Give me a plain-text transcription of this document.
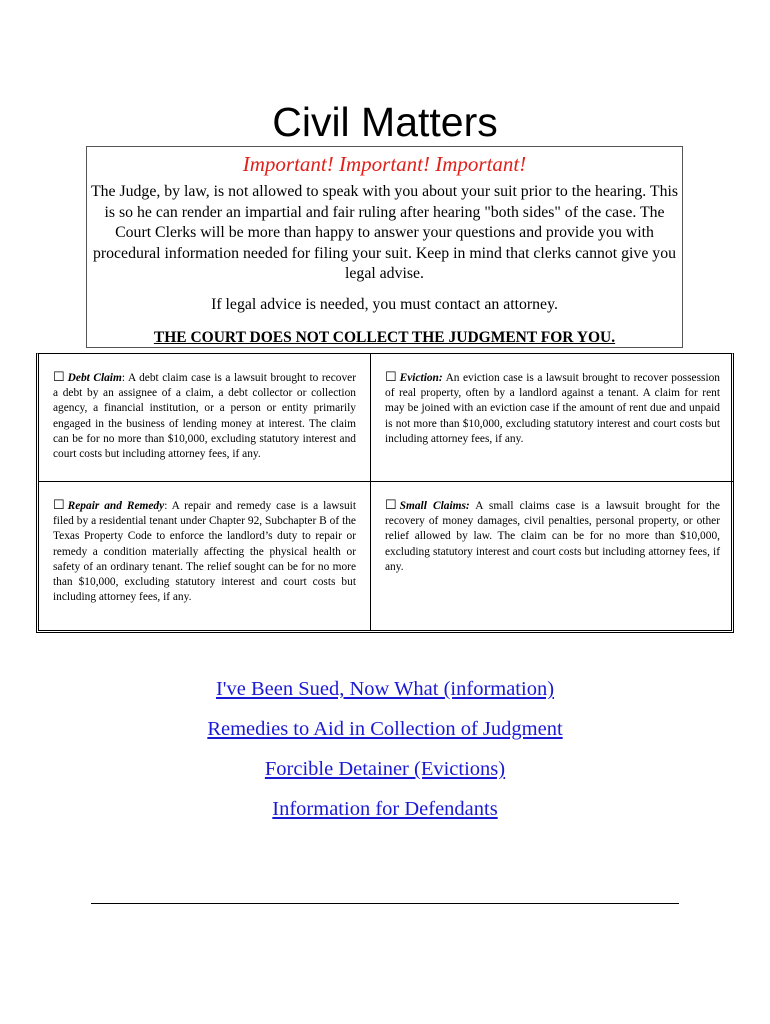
Civil Matters
Important! Important! Important!
The Judge, by law, is not allowed to speak with you about your suit prior to the hearing. This is so he can render an impartial and fair ruling after hearing "both sides" of the case. The Court Clerks will be more than happy to answer your questions and provide you with procedural information needed for filing your suit. Keep in mind that clerks cannot give you legal advise.
If legal advice is needed, you must contact an attorney.
THE COURT DOES NOT COLLECT THE JUDGMENT FOR YOU.
☐ Debt Claim: A debt claim case is a lawsuit brought to recover a debt by an assignee of a claim, a debt collector or collection agency, a financial institution, or a person or entity primarily engaged in the business of lending money at interest. The claim can be for no more than $10,000, excluding statutory interest and court costs but including attorney fees, if any.
☐ Eviction: An eviction case is a lawsuit brought to recover possession of real property, often by a landlord against a tenant. A claim for rent may be joined with an eviction case if the amount of rent due and unpaid is not more than $10,000, excluding statutory interest and court costs but including attorney fees, if any.
☐ Repair and Remedy: A repair and remedy case is a lawsuit filed by a residential tenant under Chapter 92, Subchapter B of the Texas Property Code to enforce the landlord’s duty to repair or remedy a condition materially affecting the physical health or safety of an ordinary tenant. The relief sought can be for no more than $10,000, excluding statutory interest and court costs but including attorney fees, if any.
☐ Small Claims: A small claims case is a lawsuit brought for the recovery of money damages, civil penalties, personal property, or other relief allowed by law. The claim can be for no more than $10,000, excluding statutory interest and court costs but including attorney fees, if any.
I've Been Sued, Now What (information)
Remedies to Aid in Collection of Judgment
Forcible Detainer (Evictions)
Information for Defendants
